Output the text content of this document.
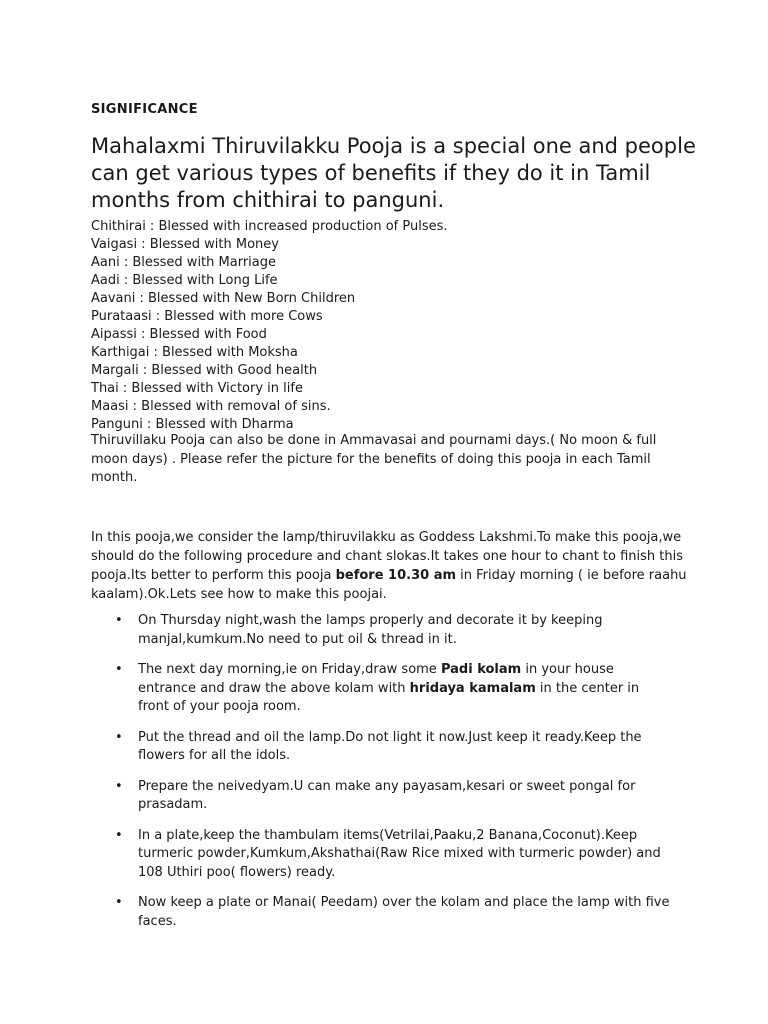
SIGNIFICANCE

Mahalaxmi Thiruvilakku Pooja is a special one and people can get various types of benefits if they do it in Tamil months from chithirai to panguni.
Chithirai : Blessed with increased production of Pulses.
Vaigasi : Blessed with Money
Aani : Blessed with Marriage
Aadi : Blessed with Long Life
Aavani : Blessed with New Born Children
Purataasi : Blessed with more Cows
Aipassi : Blessed with Food
Karthigai : Blessed with Moksha
Margali : Blessed with Good health
Thai : Blessed with Victory in life
Maasi : Blessed with removal of sins.
Panguni : Blessed with Dharma

Thiruvillaku Pooja can also be done in Ammavasai and pournami days.( No moon & full moon days) . Please refer the picture for the benefits of doing this pooja in each Tamil month.

In this pooja,we consider the lamp/thiruvilakku as Goddess Lakshmi.To make this pooja,we should do the following procedure and chant slokas.It takes one hour to chant to finish this pooja.Its better to perform this pooja before 10.30 am in Friday morning ( ie before raahu kaalam).Ok.Lets see how to make this poojai.

• On Thursday night,wash the lamps properly and decorate it by keeping manjal,kumkum.No need to put oil & thread in it.
• The next day morning,ie on Friday,draw some Padi kolam in your house entrance and draw the above kolam with hridaya kamalam in the center in front of your pooja room.
• Put the thread and oil the lamp.Do not light it now.Just keep it ready.Keep the flowers for all the idols.
• Prepare the neivedyam.U can make any payasam,kesari or sweet pongal for prasadam.
• In a plate,keep the thambulam items(Vetrilai,Paaku,2 Banana,Coconut).Keep turmeric powder,Kumkum,Akshathai(Raw Rice mixed with turmeric powder) and 108 Uthiri poo( flowers) ready.
• Now keep a plate or Manai( Peedam) over the kolam and place the lamp with five faces.
